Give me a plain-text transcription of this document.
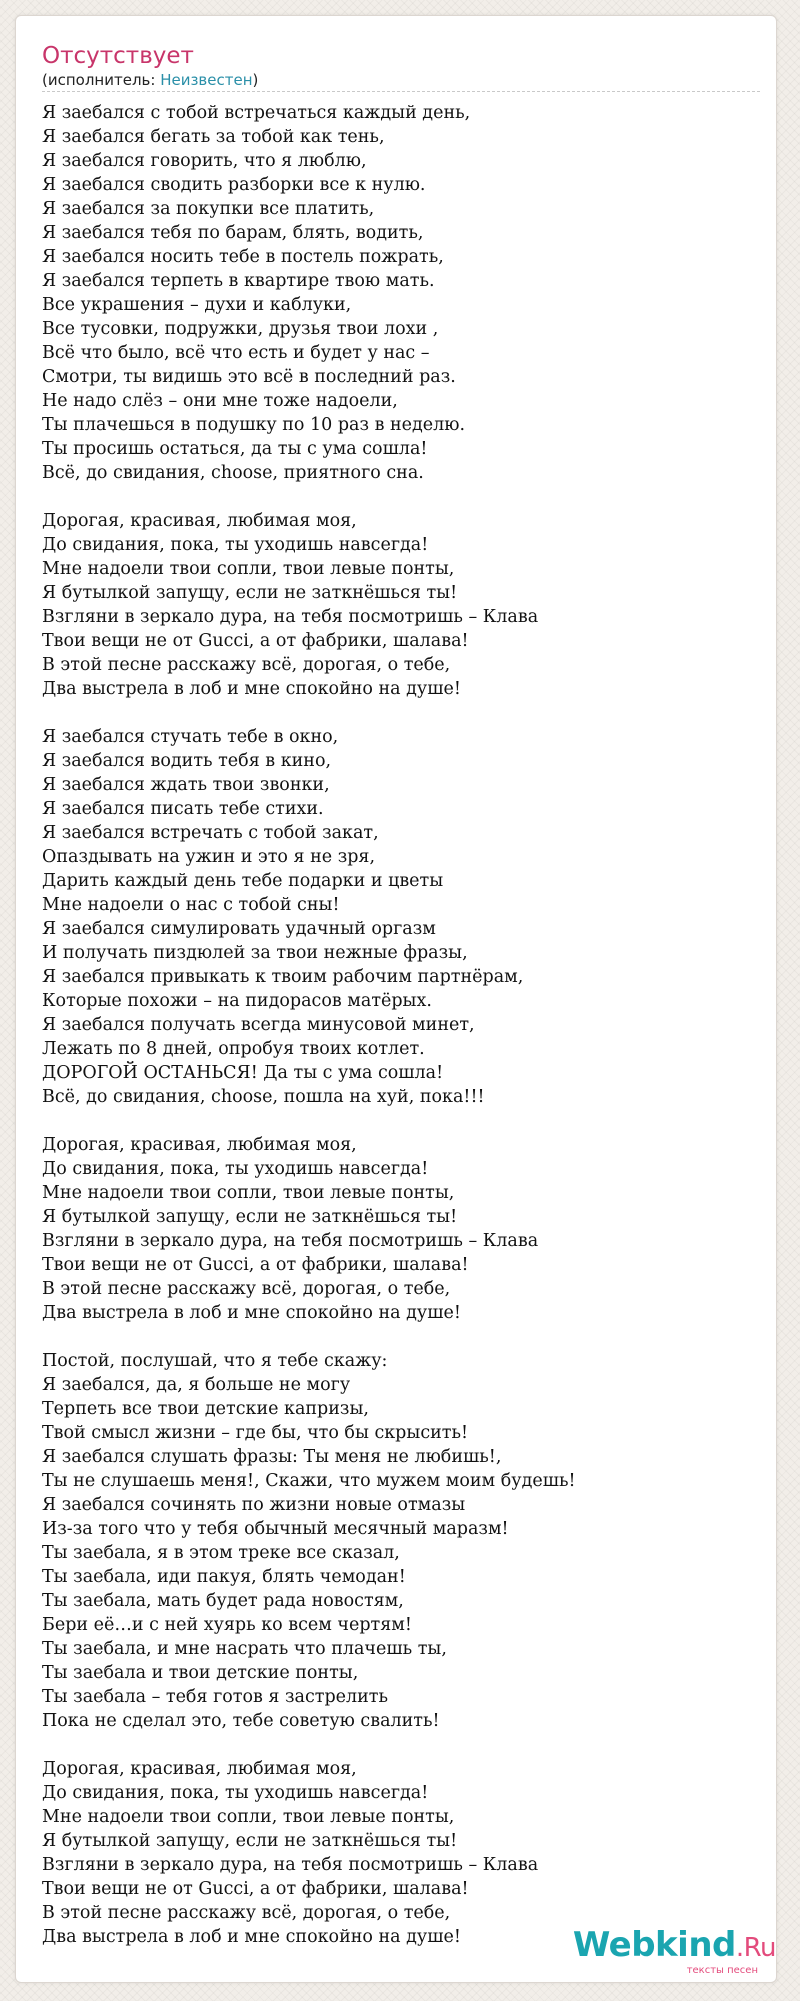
Отсутствует
(исполнитель: Неизвестен)
Я заебался с тобой встречаться каждый день,
Я заебался бегать за тобой как тень,
Я заебался говорить, что я люблю,
Я заебался сводить разборки все к нулю.
Я заебался за покупки все платить,
Я заебался тебя по барам, блять, водить,
Я заебался носить тебе в постель пожрать,
Я заебался терпеть в квартире твою мать.
Все украшения – духи и каблуки,
Все тусовки, подружки, друзья твои лохи ,
Всё что было, всё что есть и будет у нас –
Смотри, ты видишь это всё в последний раз.
Не надо слёз – они мне тоже надоели,
Ты плачешься в подушку по 10 раз в неделю.
Ты просишь остаться, да ты с ума сошла!
Всё, до свидания, choose, приятного сна.
Дорогая, красивая, любимая моя,
До свидания, пока, ты уходишь навсегда!
Мне надоели твои сопли, твои левые понты,
Я бутылкой запущу, если не заткнёшься ты!
Взгляни в зеркало дура, на тебя посмотришь – Клава
Твои вещи не от Gucci, а от фабрики, шалава!
В этой песне расскажу всё, дорогая, о тебе,
Два выстрела в лоб и мне спокойно на душе!
Я заебался стучать тебе в окно,
Я заебался водить тебя в кино,
Я заебался ждать твои звонки,
Я заебался писать тебе стихи.
Я заебался встречать с тобой закат,
Опаздывать на ужин и это я не зря,
Дарить каждый день тебе подарки и цветы
Мне надоели о нас с тобой сны!
Я заебался симулировать удачный оргазм
И получать пиздюлей за твои нежные фразы,
Я заебался привыкать к твоим рабочим партнёрам,
Которые похожи – на пидорасов матёрых.
Я заебался получать всегда минусовой минет,
Лежать по 8 дней, опробуя твоих котлет.
ДОРОГОЙ ОСТАНЬСЯ! Да ты с ума сошла!
Всё, до свидания, choose, пошла на хуй, пока!!!
Дорогая, красивая, любимая моя,
До свидания, пока, ты уходишь навсегда!
Мне надоели твои сопли, твои левые понты,
Я бутылкой запущу, если не заткнёшься ты!
Взгляни в зеркало дура, на тебя посмотришь – Клава
Твои вещи не от Gucci, а от фабрики, шалава!
В этой песне расскажу всё, дорогая, о тебе,
Два выстрела в лоб и мне спокойно на душе!
Постой, послушай, что я тебе скажу:
Я заебался, да, я больше не могу
Терпеть все твои детские капризы,
Твой смысл жизни – где бы, что бы скрысить!
Я заебался слушать фразы: Ты меня не любишь!,
Ты не слушаешь меня!, Скажи, что мужем моим будешь!
Я заебался сочинять по жизни новые отмазы
Из-за того что у тебя обычный месячный маразм!
Ты заебала, я в этом треке все сказал,
Ты заебала, иди пакуя, блять чемодан!
Ты заебала, мать будет рада новостям,
Бери её…и с ней хуярь ко всем чертям!
Ты заебала, и мне насрать что плачешь ты,
Ты заебала и твои детские понты,
Ты заебала – тебя готов я застрелить
Пока не сделал это, тебе советую свалить!
Дорогая, красивая, любимая моя,
До свидания, пока, ты уходишь навсегда!
Мне надоели твои сопли, твои левые понты,
Я бутылкой запущу, если не заткнёшься ты!
Взгляни в зеркало дура, на тебя посмотришь – Клава
Твои вещи не от Gucci, а от фабрики, шалава!
В этой песне расскажу всё, дорогая, о тебе,
Два выстрела в лоб и мне спокойно на душе!	Webkind.Ru
тексты песен
